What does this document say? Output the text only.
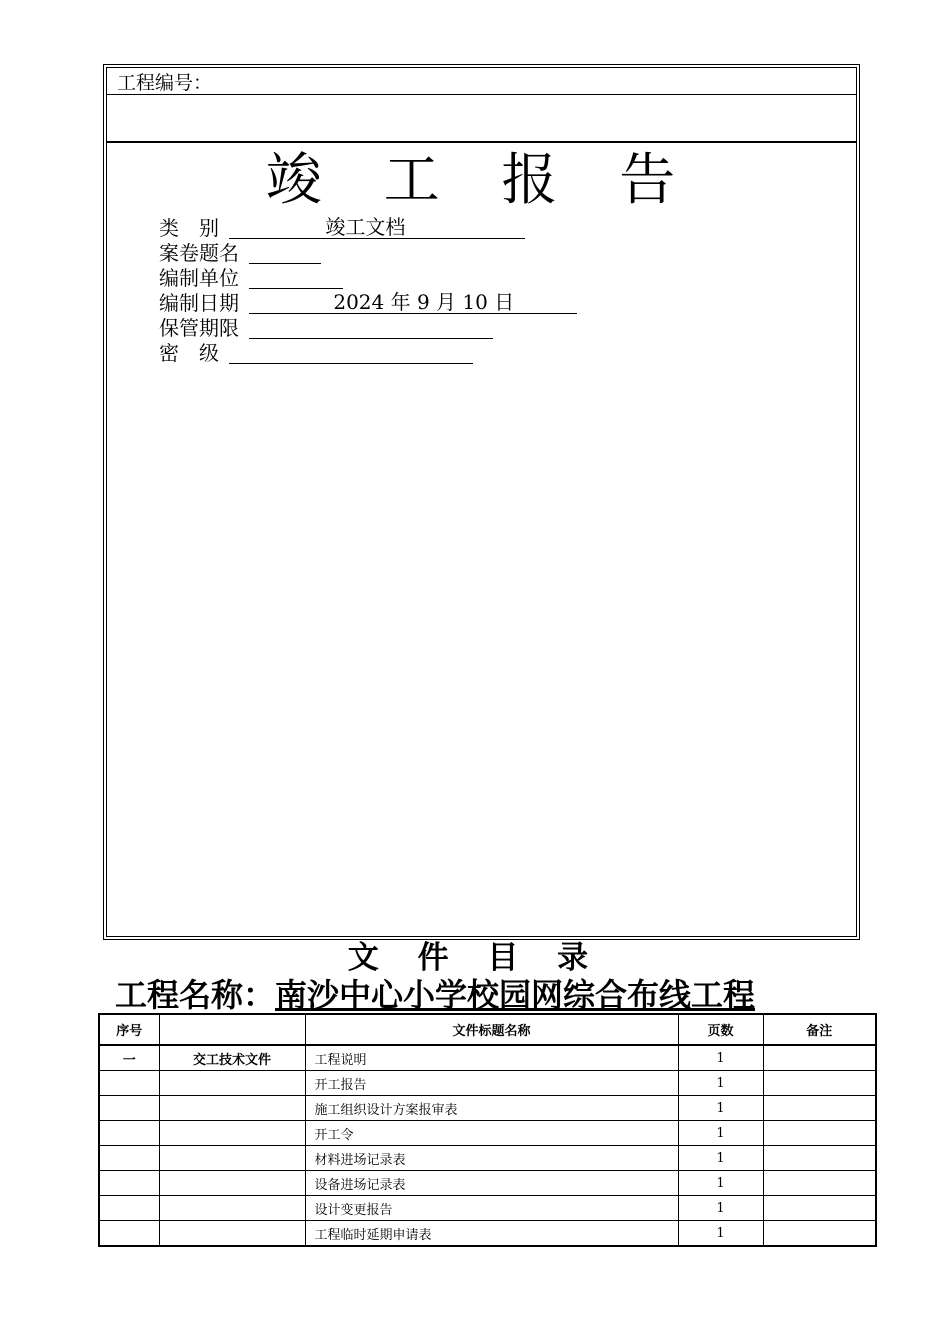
工程编号：
竣 工 报 告
类　别	竣工文档
案卷题名
编制单位
编制日期	2024 年 9 月 10 日
保管期限
密　级
文 件 目 录
工程名称：南沙中心小学校园网综合布线工程
序号		文件标题名称	页数	备注
一	交工技术文件	工程说明	1	
		开工报告	1	
		施工组织设计方案报审表	1	
		开工令	1	
		材料进场记录表	1	
		设备进场记录表	1	
		设计变更报告	1	
		工程临时延期申请表	1	
